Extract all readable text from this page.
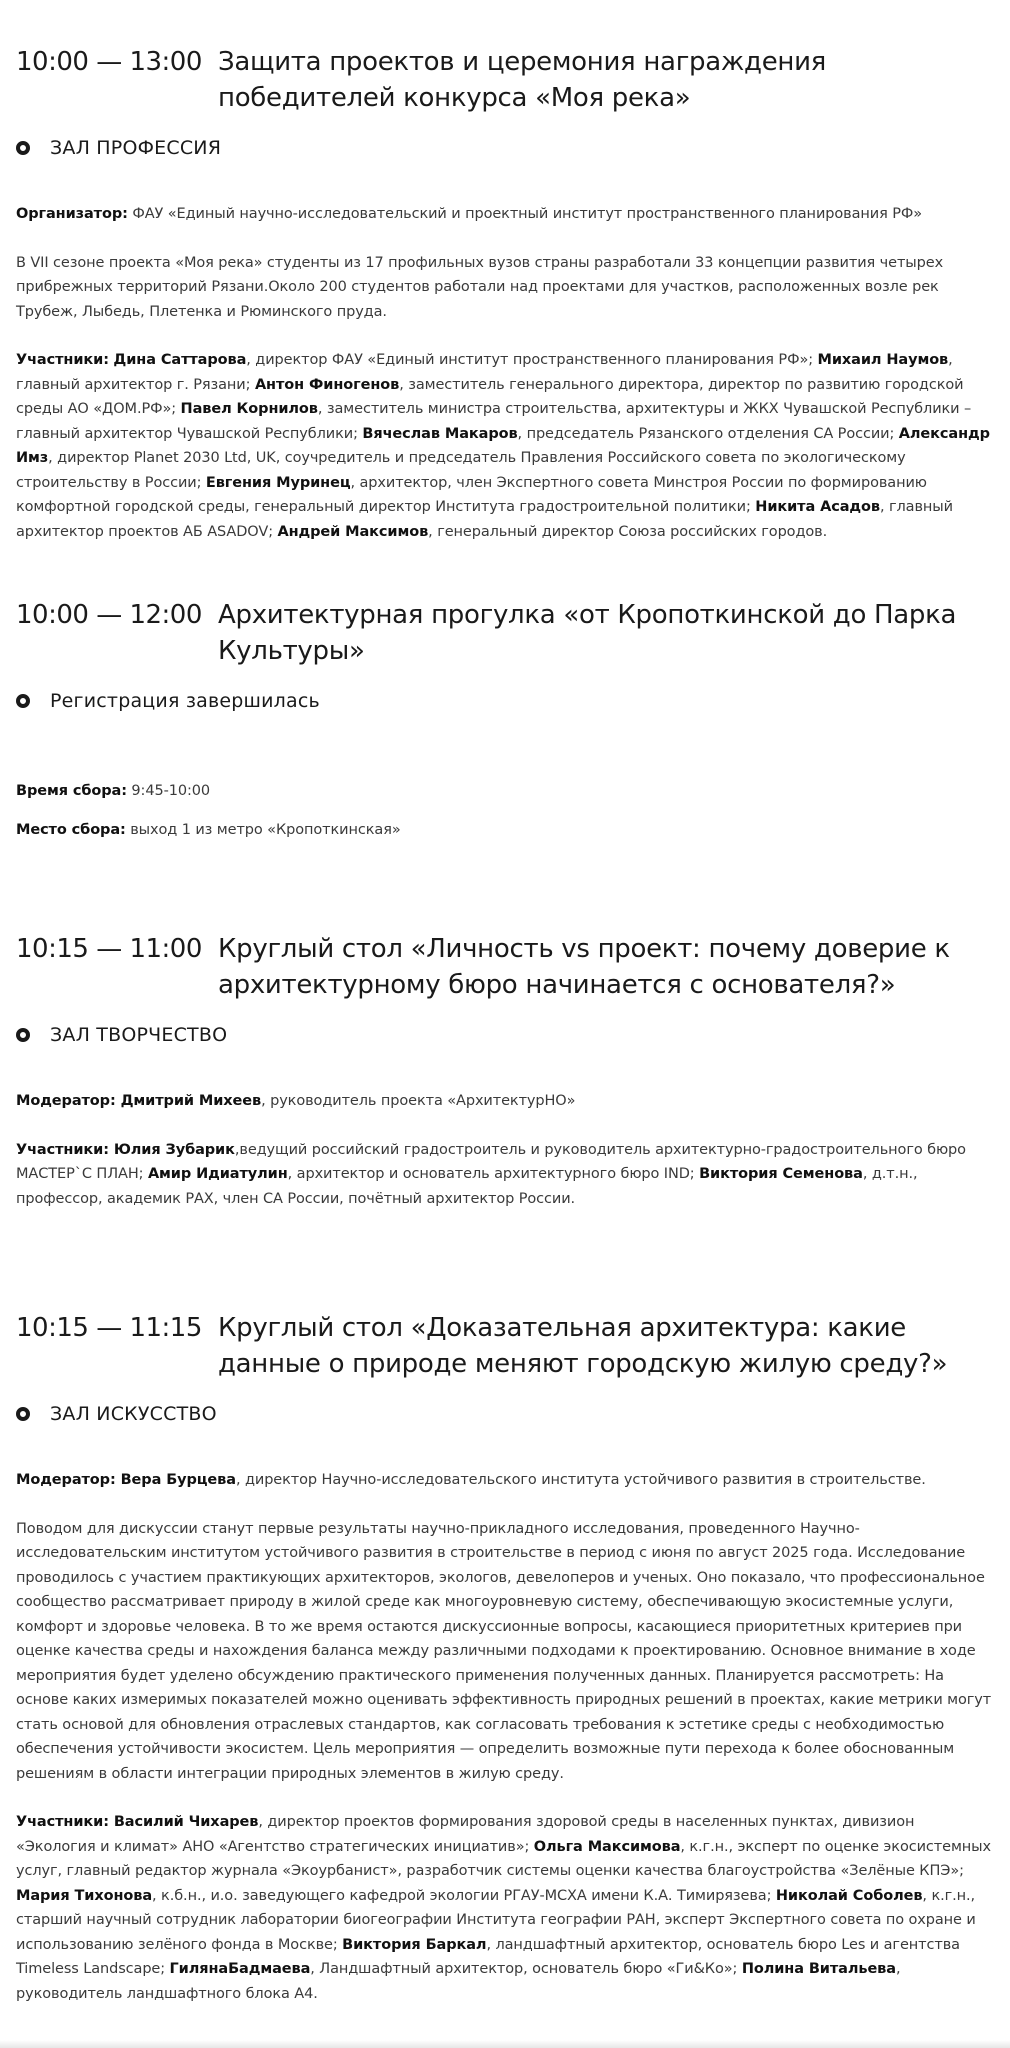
10:00 — 13:00 Защита проектов и церемония награждения
победителей конкурса «Моя река»
ЗАЛ ПРОФЕССИЯ

Организатор: ФАУ «Единый научно-исследовательский и проектный институт пространственного планирования РФ»

В VII сезоне проекта «Моя река» студенты из 17 профильных вузов страны разработали 33 концепции развития четырех прибрежных территорий Рязани.Около 200 студентов работали над проектами для участков, расположенных возле рек Трубеж, Лыбедь, Плетенка и Рюминского пруда.

Участники: Дина Саттарова, директор ФАУ «Единый институт пространственного планирования РФ»; Михаил Наумов, главный архитектор г. Рязани; Антон Финогенов, заместитель генерального директора, директор по развитию городской среды АО «ДОМ.РФ»; Павел Корнилов, заместитель министра строительства, архитектуры и ЖКХ Чувашской Республики – главный архитектор Чувашской Республики; Вячеслав Макаров, председатель Рязанского отделения СА России; Александр Имз, директор Planet 2030 Ltd, UK, соучредитель и председатель Правления Российского совета по экологическому строительству в России; Евгения Муринец, архитектор, член Экспертного совета Минстроя России по формированию комфортной городской среды, генеральный директор Института градостроительной политики; Никита Асадов, главный архитектор проектов АБ ASADOV; Андрей Максимов, генеральный директор Союза российских городов.

10:00 — 12:00 Архитектурная прогулка «от Кропоткинской до Парка
Культуры»
Регистрация завершилась

Время сбора: 9:45-10:00

Место сбора: выход 1 из метро «Кропоткинская»

10:15 — 11:00 Круглый стол «Личность vs проект: почему доверие к
архитектурному бюро начинается с основателя?»
ЗАЛ ТВОРЧЕСТВО

Модератор: Дмитрий Михеев, руководитель проекта «АрхитектурНО»

Участники: Юлия Зубарик,ведущий российский градостроитель и руководитель архитектурно-градостроительного бюро МАСТЕР`С ПЛАН; Амир Идиатулин, архитектор и основатель архитектурного бюро IND; Виктория Семенова, д.т.н., профессор, академик РАХ, член СА России, почётный архитектор России.

10:15 — 11:15 Круглый стол «Доказательная архитектура: какие
данные о природе меняют городскую жилую среду?»
ЗАЛ ИСКУССТВО

Модератор: Вера Бурцева, директор Научно-исследовательского института устойчивого развития в строительстве.

Поводом для дискуссии станут первые результаты научно-прикладного исследования, проведенного Научно-исследовательским институтом устойчивого развития в строительстве в период с июня по август 2025 года. Исследование проводилось с участием практикующих архитекторов, экологов, девелоперов и ученых. Оно показало, что профессиональное сообщество рассматривает природу в жилой среде как многоуровневую систему, обеспечивающую экосистемные услуги, комфорт и здоровье человека. В то же время остаются дискуссионные вопросы, касающиеся приоритетных критериев при оценке качества среды и нахождения баланса между различными подходами к проектированию. Основное внимание в ходе мероприятия будет уделено обсуждению практического применения полученных данных. Планируется рассмотреть: На основе каких измеримых показателей можно оценивать эффективность природных решений в проектах, какие метрики могут стать основой для обновления отраслевых стандартов, как согласовать требования к эстетике среды с необходимостью обеспечения устойчивости экосистем. Цель мероприятия — определить возможные пути перехода к более обоснованным решениям в области интеграции природных элементов в жилую среду.

Участники: Василий Чихарев, директор проектов формирования здоровой среды в населенных пунктах, дивизион «Экология и климат» АНО «Агентство стратегических инициатив»; Ольга Максимова, к.г.н., эксперт по оценке экосистемных услуг, главный редактор журнала «Экоурбанист», разработчик системы оценки качества благоустройства «Зелёные КПЭ»; Мария Тихонова, к.б.н., и.о. заведующего кафедрой экологии РГАУ-МСХА имени К.А. Тимирязева; Николай Соболев, к.г.н., старший научный сотрудник лаборатории биогеографии Института географии РАН, эксперт Экспертного совета по охране и использованию зелёного фонда в Москве; Виктория Баркал, ландшафтный архитектор, основатель бюро Les и агентства Timeless Landscape; ГилянаБадмаева, Ландшафтный архитектор, основатель бюро «Ги&Ко»; Полина Витальева, руководитель ландшафтного блока А4.
